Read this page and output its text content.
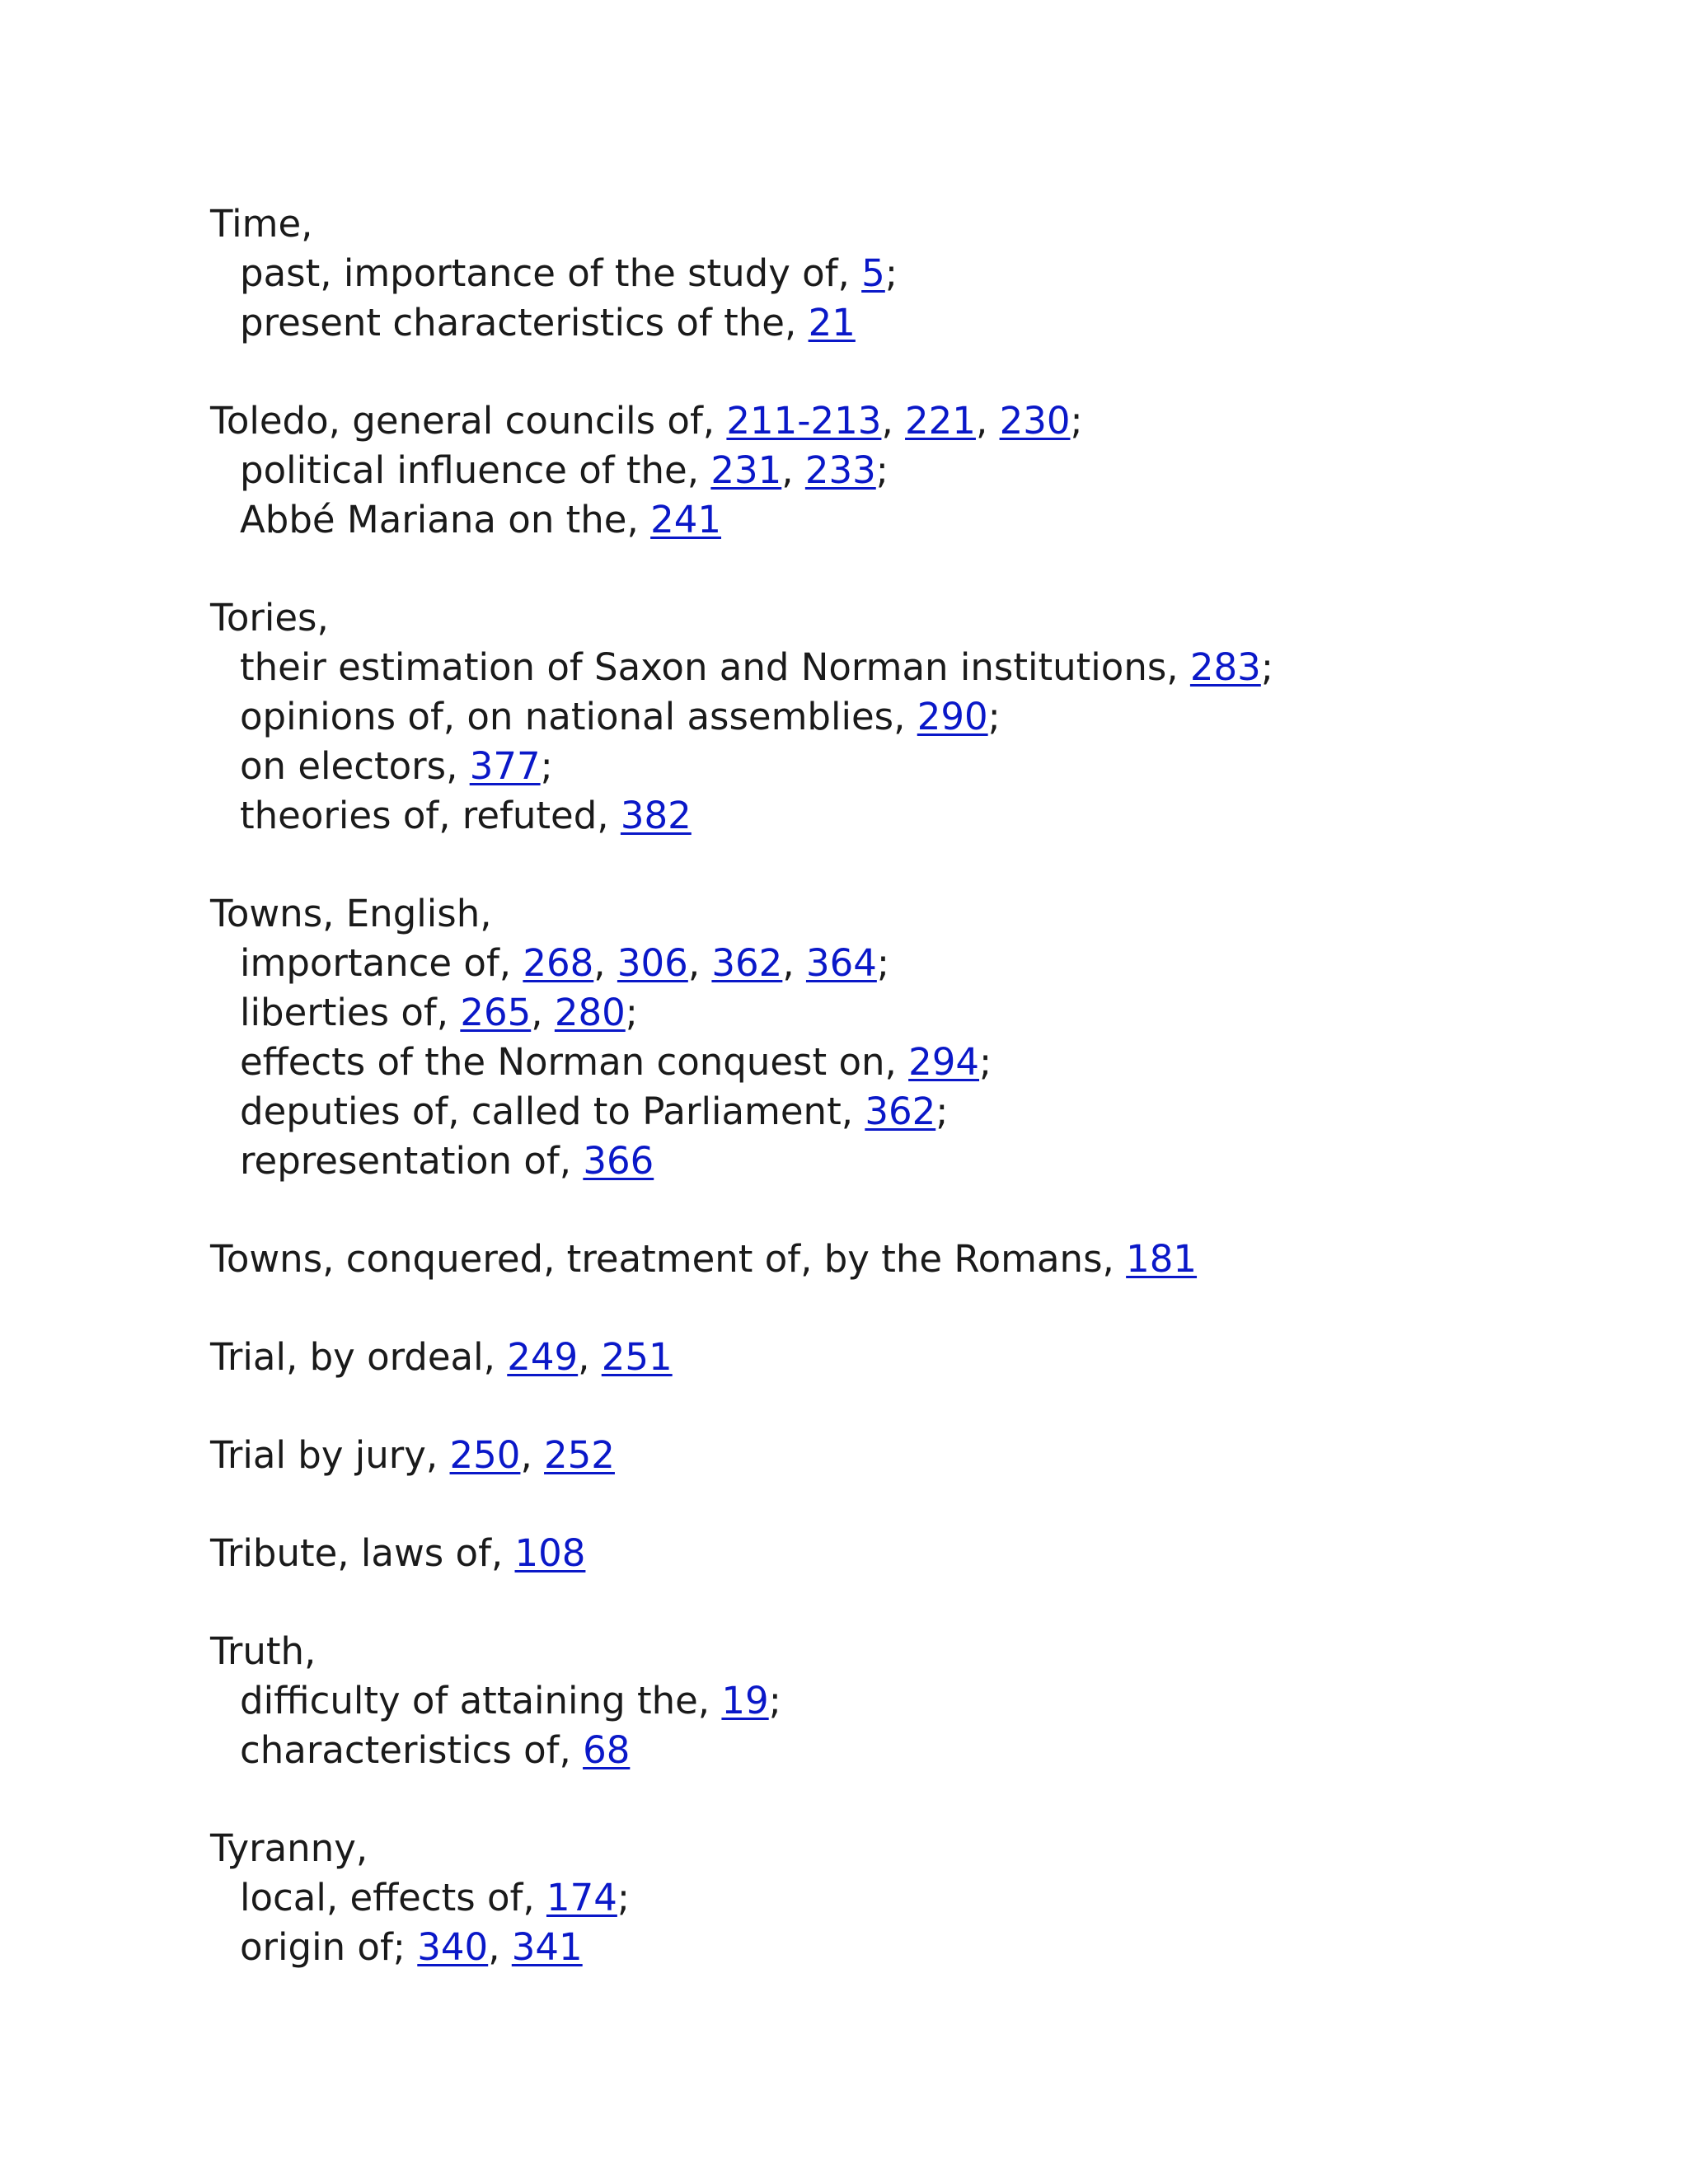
Time,
past, importance of the study of, 5;
present characteristics of the, 21
Toledo, general councils of, 211-213, 221, 230;
political influence of the, 231, 233;
Abbé Mariana on the, 241
Tories,
their estimation of Saxon and Norman institutions, 283;
opinions of, on national assemblies, 290;
on electors, 377;
theories of, refuted, 382
Towns, English,
importance of, 268, 306, 362, 364;
liberties of, 265, 280;
effects of the Norman conquest on, 294;
deputies of, called to Parliament, 362;
representation of, 366
Towns, conquered, treatment of, by the Romans, 181
Trial, by ordeal, 249, 251
Trial by jury, 250, 252
Tribute, laws of, 108
Truth,
difficulty of attaining the, 19;
characteristics of, 68
Tyranny,
local, effects of, 174;
origin of; 340, 341
